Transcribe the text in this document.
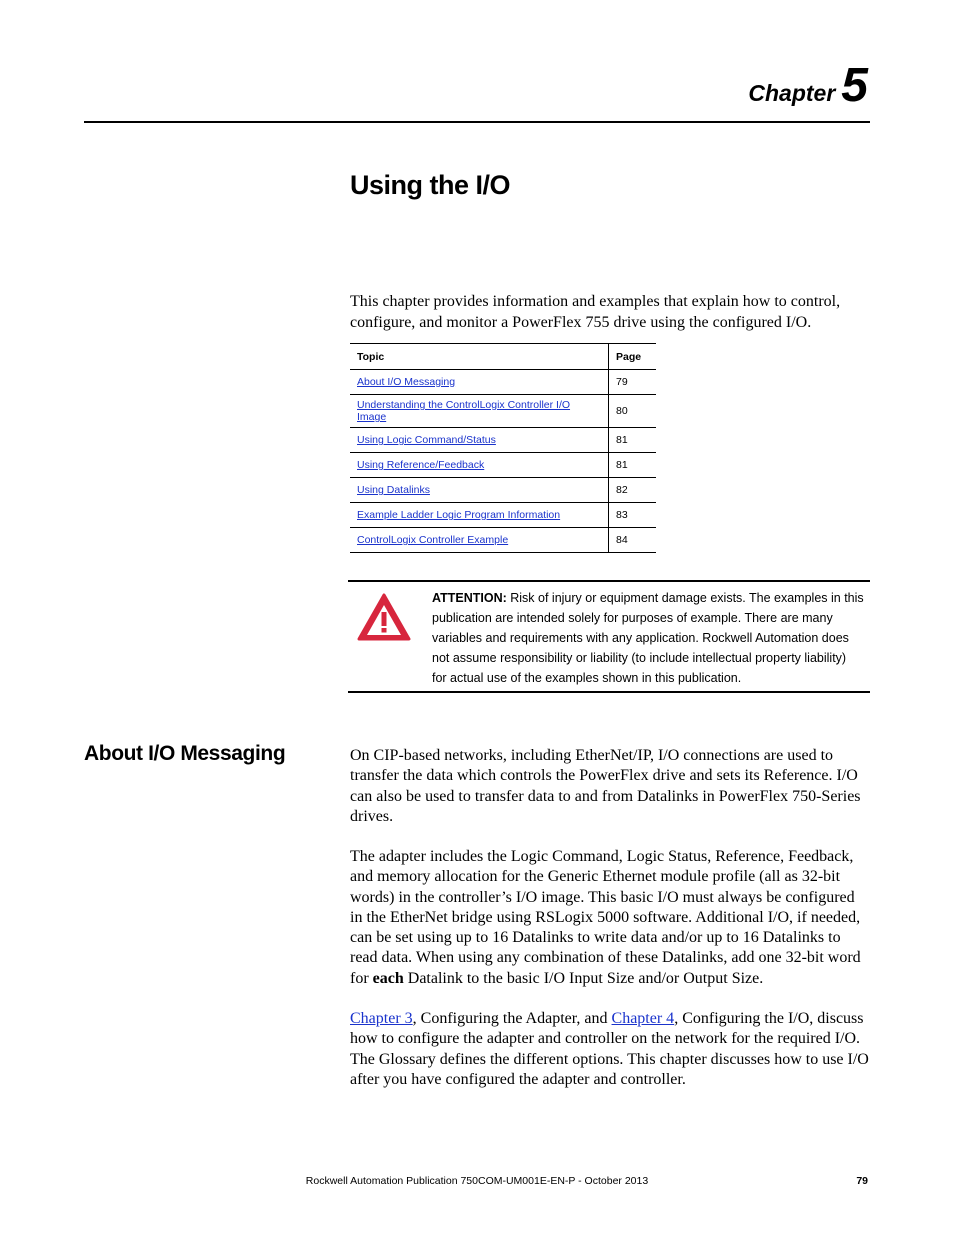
Chapter 5
Using the I/O

This chapter provides information and examples that explain how to control, configure, and monitor a PowerFlex 755 drive using the configured I/O.

Topic	Page
About I/O Messaging	79
Understanding the ControlLogix Controller I/O Image	80
Using Logic Command/Status	81
Using Reference/Feedback	81
Using Datalinks	82
Example Ladder Logic Program Information	83
ControlLogix Controller Example	84
ATTENTION: Risk of injury or equipment damage exists. The examples in this publication are intended solely for purposes of example. There are many variables and requirements with any application. Rockwell Automation does not assume responsibility or liability (to include intellectual property liability) for actual use of the examples shown in this publication.
About I/O Messaging	On CIP-based networks, including EtherNet/IP, I/O connections are used to transfer the data which controls the PowerFlex drive and sets its Reference. I/O can also be used to transfer data to and from Datalinks in PowerFlex 750-Series drives.

The adapter includes the Logic Command, Logic Status, Reference, Feedback, and memory allocation for the Generic Ethernet module profile (all as 32-bit words) in the controller’s I/O image. This basic I/O must always be configured in the EtherNet bridge using RSLogix 5000 software. Additional I/O, if needed, can be set using up to 16 Datalinks to write data and/or up to 16 Datalinks to read data. When using any combination of these Datalinks, add one 32-bit word for each Datalink to the basic I/O Input Size and/or Output Size.

Chapter 3, Configuring the Adapter, and Chapter 4, Configuring the I/O, discuss how to configure the adapter and controller on the network for the required I/O. The Glossary defines the different options. This chapter discusses how to use I/O after you have configured the adapter and controller.

Rockwell Automation Publication 750COM-UM001E-EN-P - October 2013	79
